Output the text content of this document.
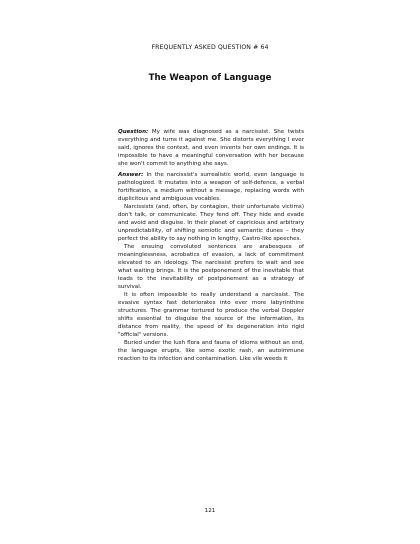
FREQUENTLY ASKED QUESTION # 64
The Weapon of Language

Question: My wife was diagnosed as a narcissist. She twists everything and turns it against me. She distorts everything I ever said, ignores the context, and even invents her own endings. It is impossible to have a meaningful conversation with her because she won't commit to anything she says.

Answer: In the narcissist's surrealistic world, even language is pathologized. It mutates into a weapon of self-defence, a verbal fortification, a medium without a message, replacing words with duplicitous and ambiguous vocables.

Narcissists (and, often, by contagion, their unfortunate victims) don't talk, or communicate. They fend off. They hide and evade and avoid and disguise. In their planet of capricious and arbitrary unpredictability, of shifting semiotic and semantic dunes – they perfect the ability to say nothing in lengthy, Castro-like speeches.

The ensuing convoluted sentences are arabesques of meaninglessness, acrobatics of evasion, a lack of commitment elevated to an ideology. The narcissist prefers to wait and see what waiting brings. It is the postponement of the inevitable that leads to the inevitability of postponement as a strategy of survival.

It is often impossible to really understand a narcissist. The evasive syntax fast deteriorates into ever more labyrinthine structures. The grammar tortured to produce the verbal Doppler shifts essential to disguise the source of the information, its distance from reality, the speed of its degeneration into rigid "official" versions.

Buried under the lush flora and fauna of idioms without an end, the language erupts, like some exotic rash, an autoimmune reaction to its infection and contamination. Like vile weeds it

121
